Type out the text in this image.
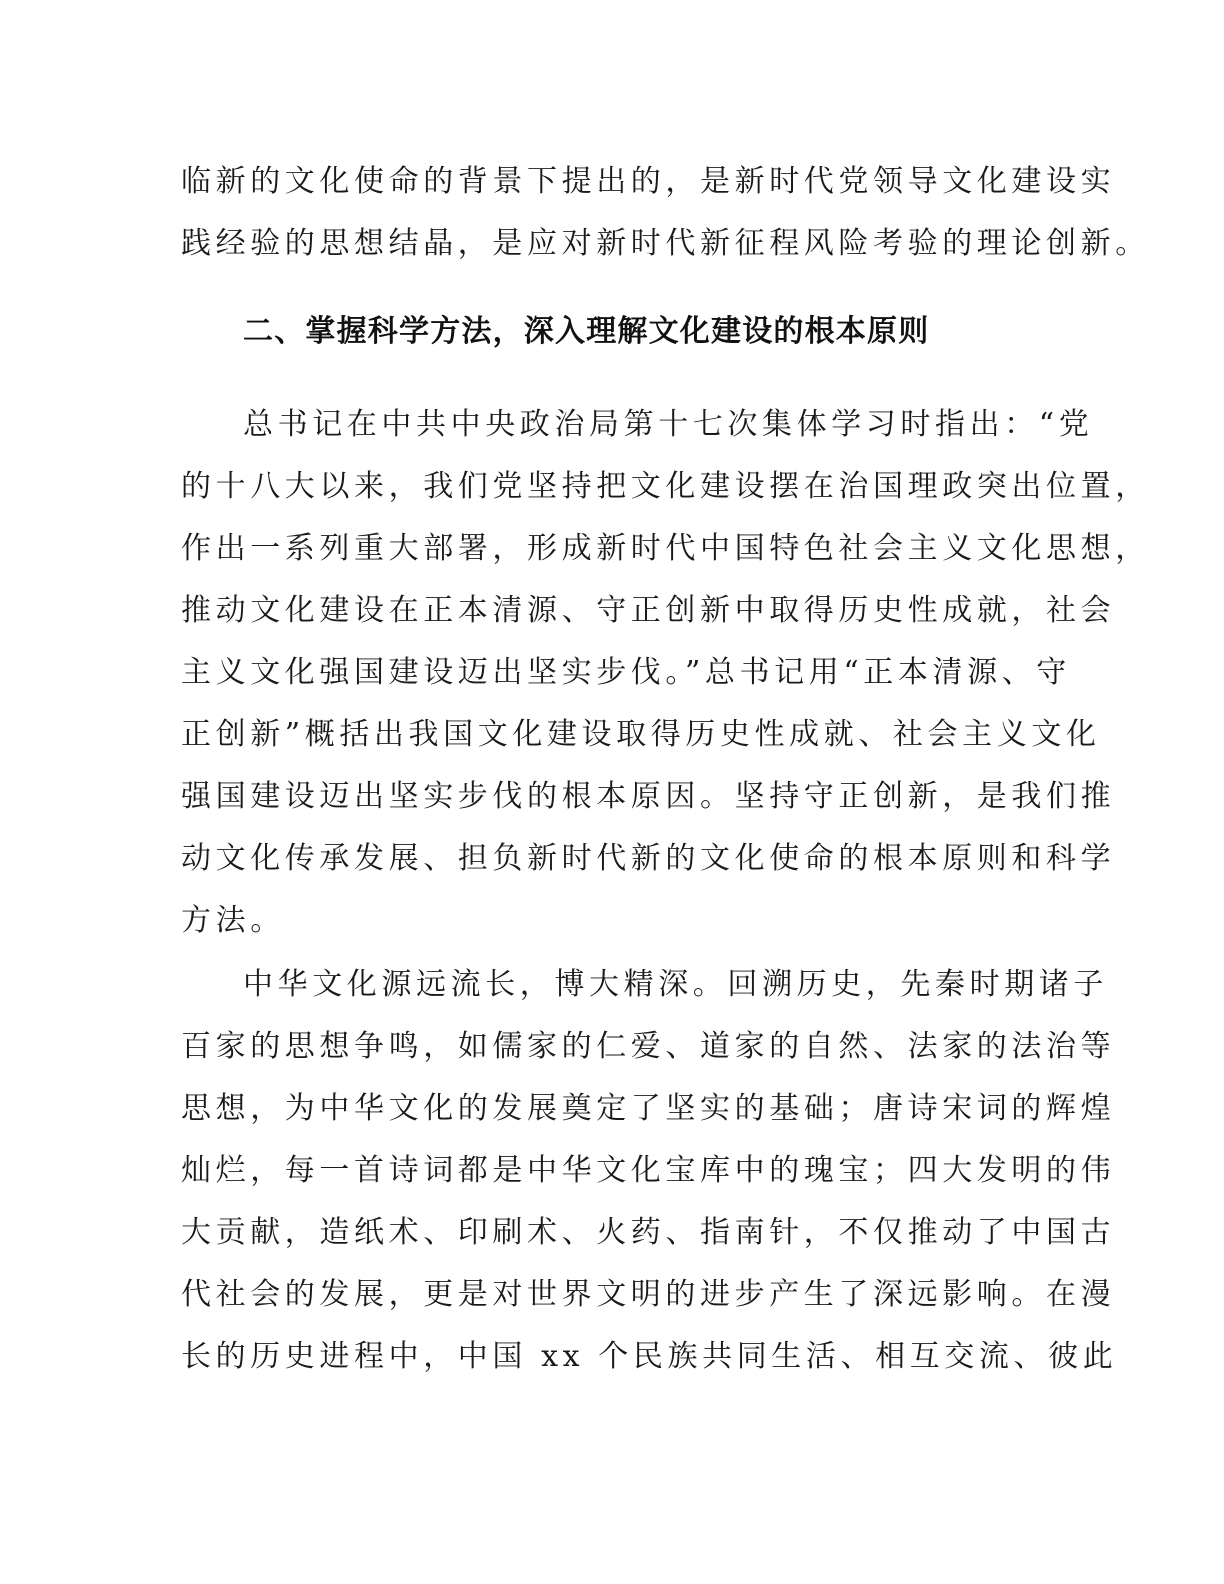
临新的文化使命的背景下提出的，是新时代党领导文化建设实
践经验的思想结晶，是应对新时代新征程风险考验的理论创新。
二、掌握科学方法，深入理解文化建设的根本原则
总书记在中共中央政治局第十七次集体学习时指出：“党
的十八大以来，我们党坚持把文化建设摆在治国理政突出位置，
作出一系列重大部署，形成新时代中国特色社会主义文化思想，
推动文化建设在正本清源、守正创新中取得历史性成就，社会
主义文化强国建设迈出坚实步伐。”总书记用“正本清源、守
正创新”概括出我国文化建设取得历史性成就、社会主义文化
强国建设迈出坚实步伐的根本原因。坚持守正创新，是我们推
动文化传承发展、担负新时代新的文化使命的根本原则和科学
方法。
中华文化源远流长，博大精深。回溯历史，先秦时期诸子
百家的思想争鸣，如儒家的仁爱、道家的自然、法家的法治等
思想，为中华文化的发展奠定了坚实的基础；唐诗宋词的辉煌
灿烂，每一首诗词都是中华文化宝库中的瑰宝；四大发明的伟
大贡献，造纸术、印刷术、火药、指南针，不仅推动了中国古
代社会的发展，更是对世界文明的进步产生了深远影响。在漫
长的历史进程中，中国 xx 个民族共同生活、相互交流、彼此
